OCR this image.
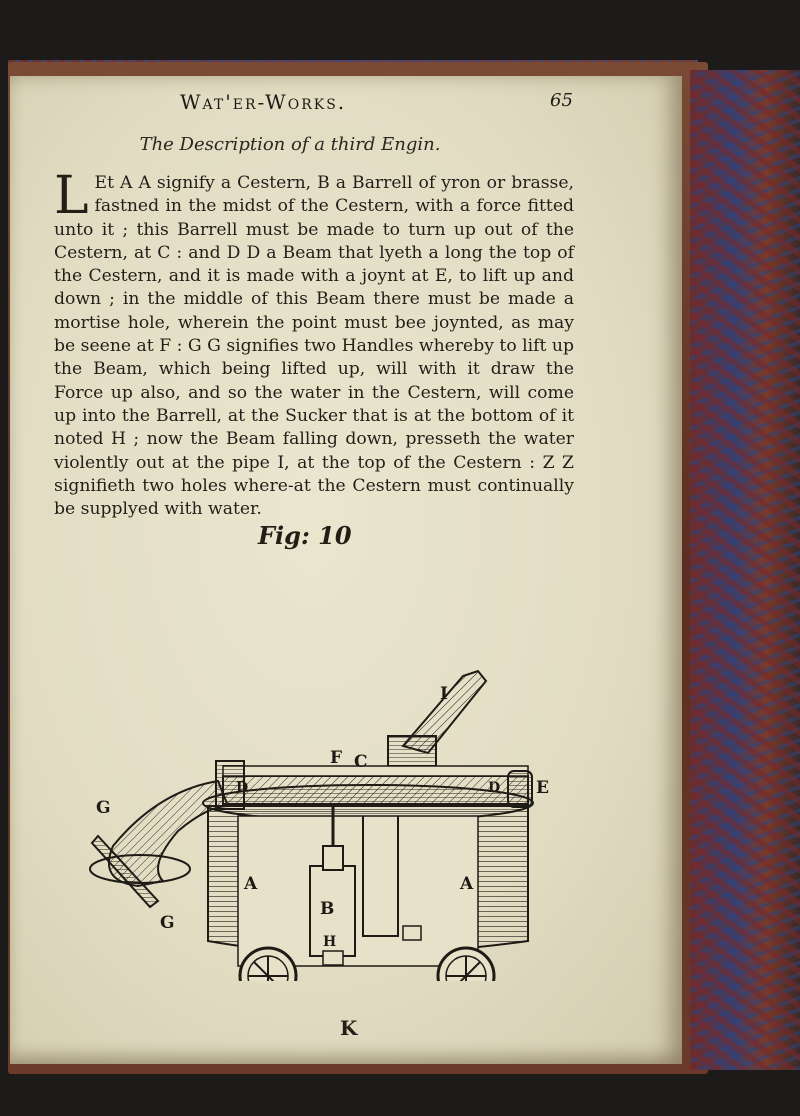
Wat'er-Works.	65
The Description of a third Engin.
L Et A A signify a Cestern, B a Barrell of yron or brasse, fastned in the midst of the Cestern, with a force fitted unto it ; this Barrell must be made to turn up out of the Cestern, at C : and D D a Beam that lyeth a long the top of the Cestern, and it is made with a joynt at E, to lift up and down ; in the middle of this Beam there must be made a mortise hole, wherein the point must bee joynted, as may be seene at F : G G signifies two Handles whereby to lift up the Beam, which being lifted up, will with it draw the Force up also, and so the water in the Cestern, will come up into the Barrell, at the Sucker that is at the bottom of it noted H ; now the Beam falling down, presseth the water violently out at the pipe I, at the top of the Cestern : Z Z signifieth two holes where-at the Cestern must continually be supplyed with water.
Fig: 10
I
F C
D	D E
G
G
A	A
B
H
K
